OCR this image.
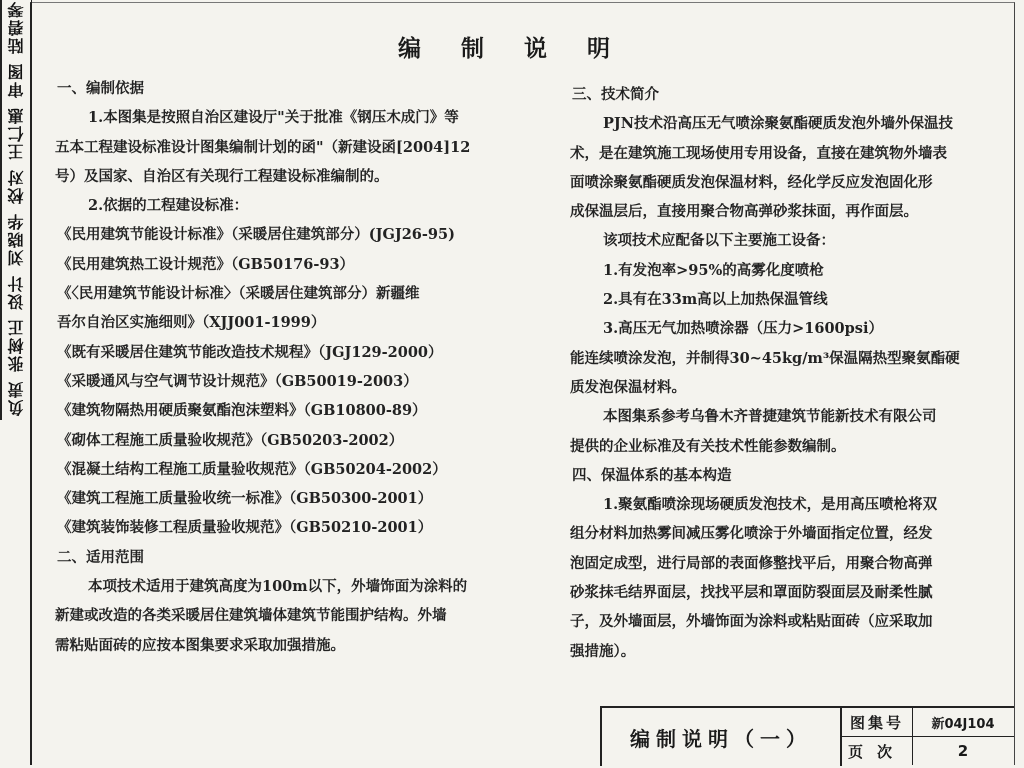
负责
张树正
设计
刘晓华
校对
王仁惠
审图
陆碧琴	编 制 说 明

一、编制依据

1.本图集是按照自治区建设厅"关于批准《钢压木成门》等

五本工程建设标准设计图集编制计划的函"（新建设函[2004]12

号）及国家、自治区有关现行工程建设标准编制的。

2.依据的工程建设标准：

《民用建筑节能设计标准》（采暖居住建筑部分）(JGJ26-95)

《民用建筑热工设计规范》（GB50176-93）

《〈民用建筑节能设计标准〉（采暖居住建筑部分）新疆维

吾尔自治区实施细则》（XJJ001-1999）

《既有采暖居住建筑节能改造技术规程》（JGJ129-2000）

《采暖通风与空气调节设计规范》（GB50019-2003）

《建筑物隔热用硬质聚氨酯泡沫塑料》（GB10800-89）

《砌体工程施工质量验收规范》（GB50203-2002）

《混凝土结构工程施工质量验收规范》（GB50204-2002）

《建筑工程施工质量验收统一标准》（GB50300-2001）

《建筑装饰装修工程质量验收规范》（GB50210-2001）

二、适用范围

本项技术适用于建筑高度为100m以下，外墙饰面为涂料的

新建或改造的各类采暖居住建筑墙体建筑节能围护结构。外墙

需粘贴面砖的应按本图集要求采取加强措施。

三、技术简介

PJN技术沿高压无气喷涂聚氨酯硬质发泡外墙外保温技

术，是在建筑施工现场使用专用设备，直接在建筑物外墙表

面喷涂聚氨酯硬质发泡保温材料，经化学反应发泡固化形

成保温层后，直接用聚合物高弹砂浆抹面，再作面层。

该项技术应配备以下主要施工设备：

1.有发泡率>95%的高雾化度喷枪

2.具有在33m高以上加热保温管线

3.高压无气加热喷涂器（压力>1600psi）

能连续喷涂发泡，并制得30~45kg/m³保温隔热型聚氨酯硬

质发泡保温材料。

本图集系参考乌鲁木齐普捷建筑节能新技术有限公司

提供的企业标准及有关技术性能参数编制。

四、保温体系的基本构造

1.聚氨酯喷涂现场硬质发泡技术，是用高压喷枪将双

组分材料加热雾间减压雾化喷涂于外墙面指定位置，经发

泡固定成型，进行局部的表面修整找平后，用聚合物高弹

砂浆抹毛结界面层，找找平层和罩面防裂面层及耐柔性腻

子，及外墙面层，外墙饰面为涂料或粘贴面砖（应采取加

强措施）。

编制说明（一）
图集号	新04J104
页次	2
